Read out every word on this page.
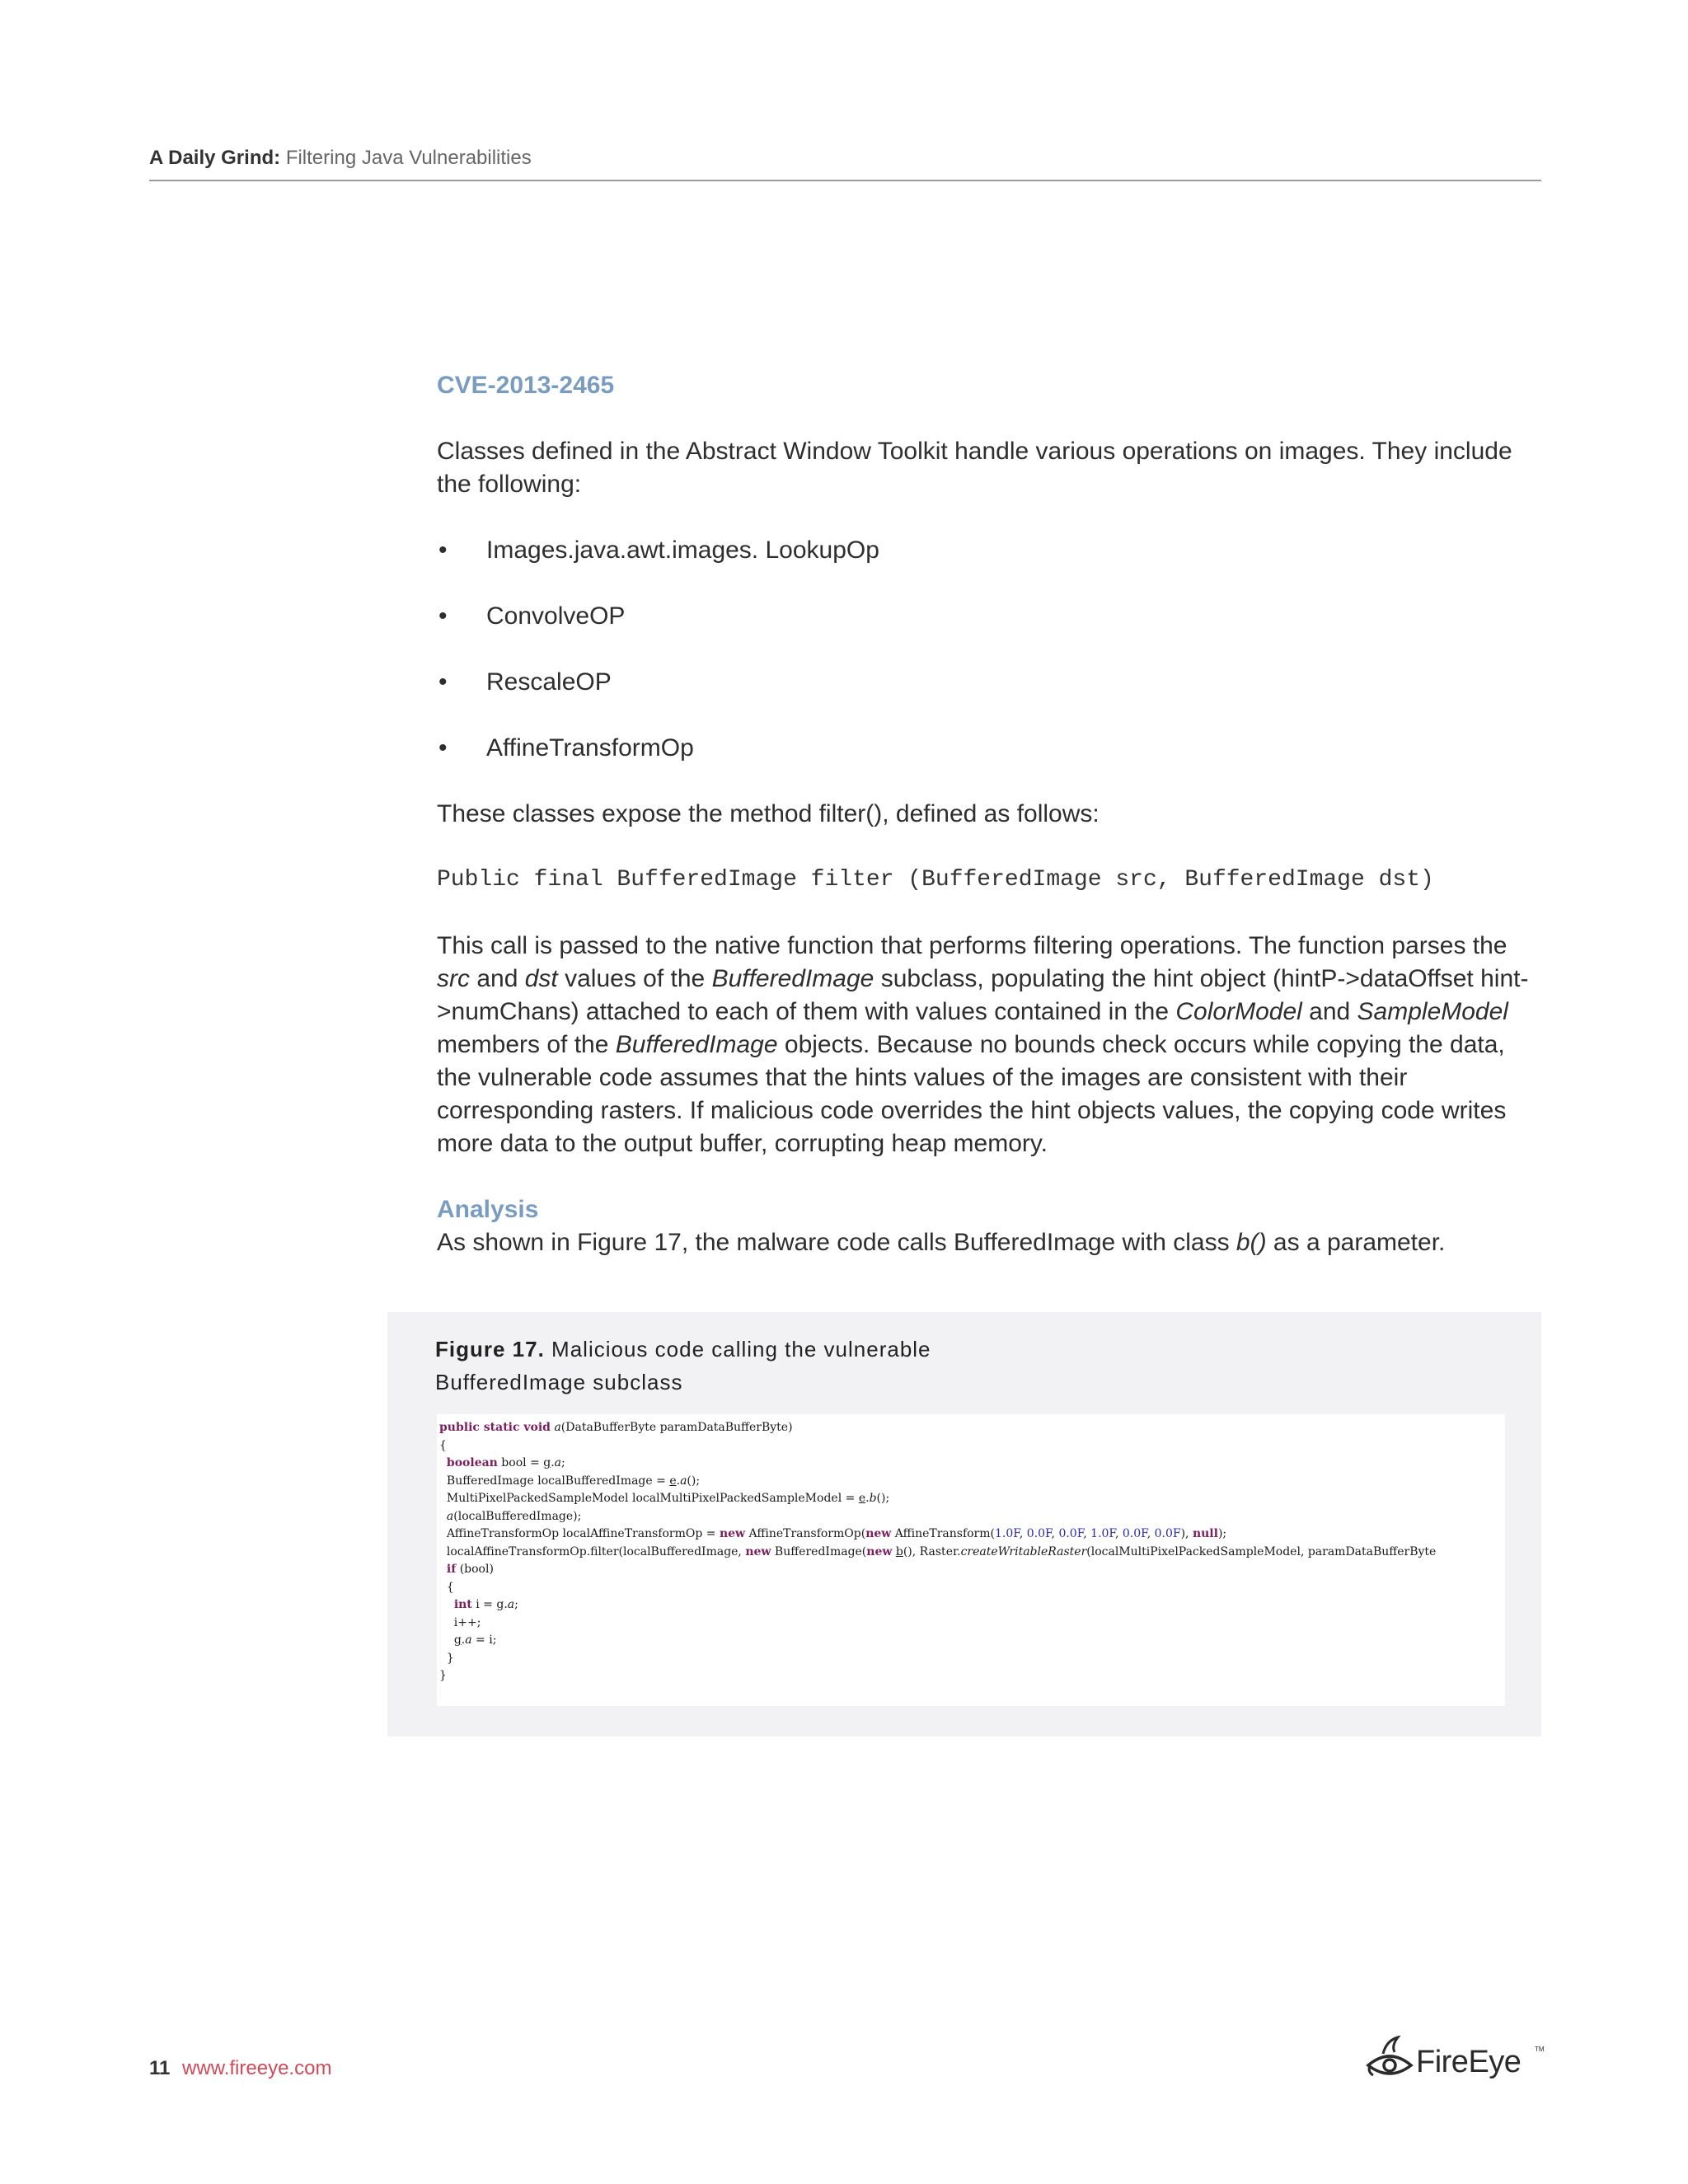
A Daily Grind: Filtering Java Vulnerabilities

CVE-2013-2465

Classes defined in the Abstract Window Toolkit handle various operations on images. They include the following:

• Images.java.awt.images. LookupOp
• ConvolveOP
• RescaleOP
• AffineTransformOp

These classes expose the method filter(), defined as follows:

Public final BufferedImage filter (BufferedImage src, BufferedImage dst)

This call is passed to the native function that performs filtering operations. The function parses the src and dst values of the BufferedImage subclass, populating the hint object (hintP->dataOffset hint->numChans) attached to each of them with values contained in the ColorModel and SampleModel members of the BufferedImage objects. Because no bounds check occurs while copying the data, the vulnerable code assumes that the hints values of the images are consistent with their corresponding rasters. If malicious code overrides the hint objects values, the copying code writes more data to the output buffer, corrupting heap memory.

Analysis

As shown in Figure 17, the malware code calls BufferedImage with class b() as a parameter.

Figure 17. Malicious code calling the vulnerable
BufferedImage subclass
public static void a(DataBufferByte paramDataBufferByte)
{
boolean bool = g.a;
BufferedImage localBufferedImage = e.a();
MultiPixelPackedSampleModel localMultiPixelPackedSampleModel = e.b();
a(localBufferedImage);
AffineTransformOp localAffineTransformOp = new AffineTransformOp(new AffineTransform(1.0F, 0.0F, 0.0F, 1.0F, 0.0F, 0.0F), null);
localAffineTransformOp.filter(localBufferedImage, new BufferedImage(new b(), Raster.createWritableRaster(localMultiPixelPackedSampleModel, paramDataBufferByte
if (bool)
{
int i = g.a;
i++;
g.a = i;
}
}
11 www.fireeye.com	FireEye TM
